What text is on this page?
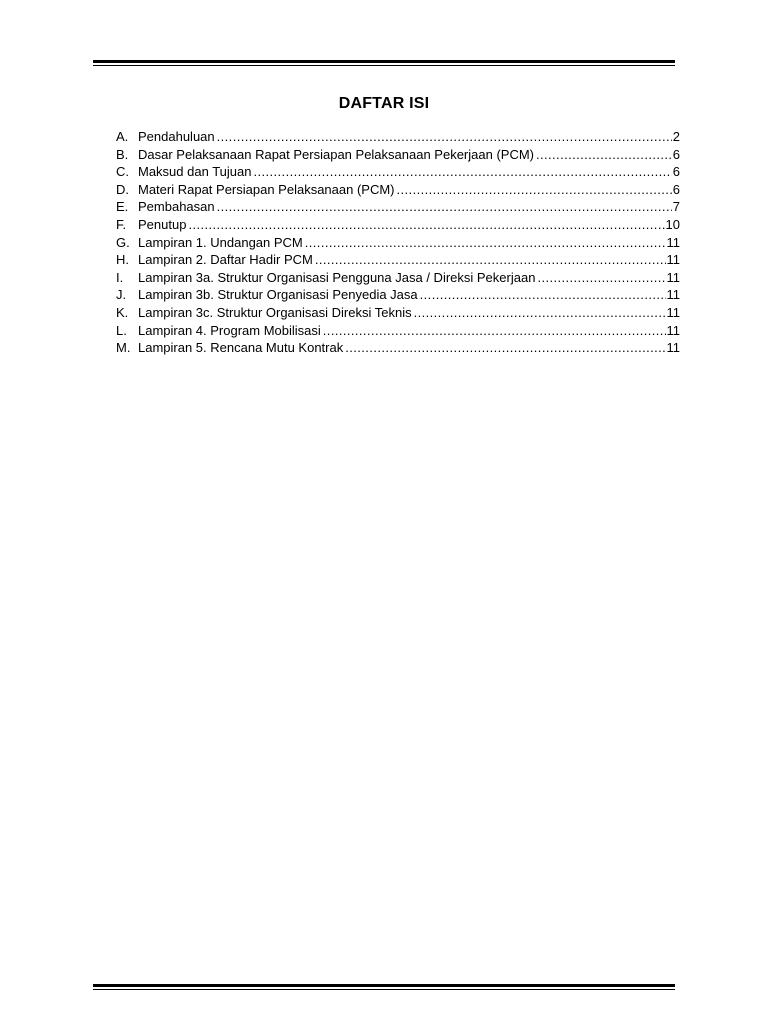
DAFTAR ISI
A. Pendahuluan .....	2
B. Dasar Pelaksanaan Rapat Persiapan Pelaksanaan Pekerjaan (PCM) .....	6
C. Maksud dan Tujuan .....	6
D. Materi Rapat Persiapan Pelaksanaan (PCM) .....	6
E. Pembahasan .....	7
F. Penutup .....	10
G. Lampiran 1. Undangan PCM .....	11
H. Lampiran 2. Daftar Hadir PCM .....	11
I.	Lampiran 3a. Struktur Organisasi Pengguna Jasa / Direksi Pekerjaan .....	11
J. Lampiran 3b. Struktur Organisasi Penyedia Jasa .....	11
K. Lampiran 3c. Struktur Organisasi Direksi Teknis .....	11
L. Lampiran 4. Program Mobilisasi .....	11
M. Lampiran 5. Rencana Mutu Kontrak .....	11
